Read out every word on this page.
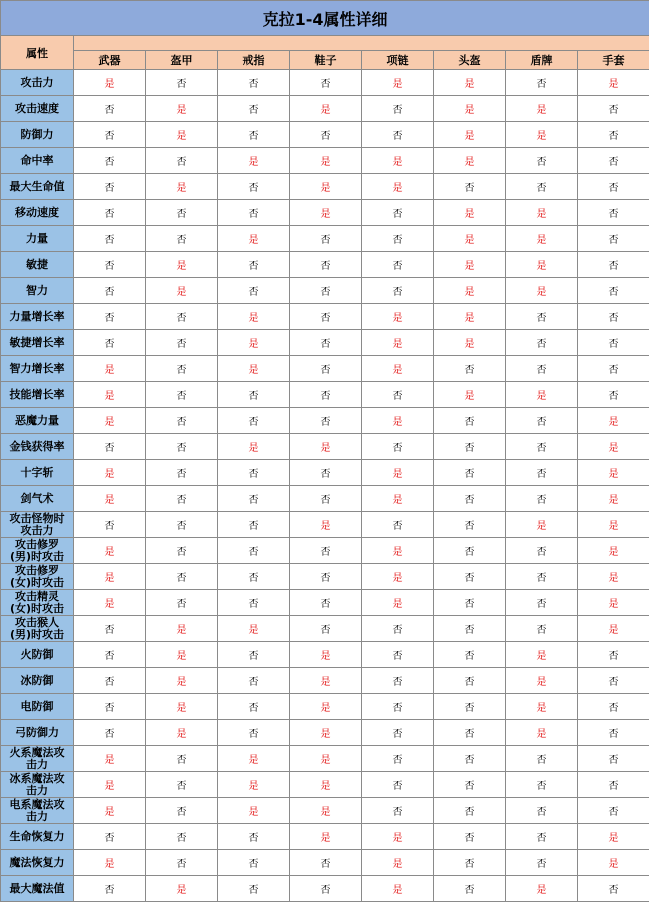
克拉1-4属性详细								
属性								
	武器	盔甲	戒指	鞋子	项链	头盔	盾牌	手套
攻击力	是	否	否	否	是	是	否	是
攻击速度	否	是	否	是	否	是	是	否
防御力	否	是	否	否	否	是	是	否
命中率	否	否	是	是	是	是	否	否
最大生命值	否	是	否	是	是	否	否	否
移动速度	否	否	否	是	否	是	是	否
力量	否	否	是	否	否	是	是	否
敏捷	否	是	否	否	否	是	是	否
智力	否	是	否	否	否	是	是	否
力量增长率	否	否	是	否	是	是	否	否
敏捷增长率	否	否	是	否	是	是	否	否
智力增长率	是	否	是	否	是	否	否	否
技能增长率	是	否	否	否	否	是	是	否
恶魔力量	是	否	否	否	是	否	否	是
金钱获得率	否	否	是	是	否	否	否	是
十字斩	是	否	否	否	是	否	否	是
剑气术	是	否	否	否	是	否	否	是

攻击怪物时
攻击力	否	否	否	是	否	否	是	是

攻击修罗
(男)时攻击	是	否	否	否	是	否	否	是

攻击修罗
(女)时攻击	是	否	否	否	是	否	否	是

攻击精灵
(女)时攻击	是	否	否	否	是	否	否	是

攻击猴人
(男)时攻击	否	是	是	否	否	否	否	是
火防御	否	是	否	是	否	否	是	否
冰防御	否	是	否	是	否	否	是	否
电防御	否	是	否	是	否	否	是	否
弓防御力	否	是	否	是	否	否	是	否

火系魔法攻
击力	是	否	是	是	否	否	否	否

冰系魔法攻
击力	是	否	是	是	否	否	否	否

电系魔法攻
击力	是	否	是	是	否	否	否	否
生命恢复力	否	否	否	是	是	否	否	是
魔法恢复力	是	否	否	否	是	否	否	是
最大魔法值	否	是	否	否	是	否	是	否
